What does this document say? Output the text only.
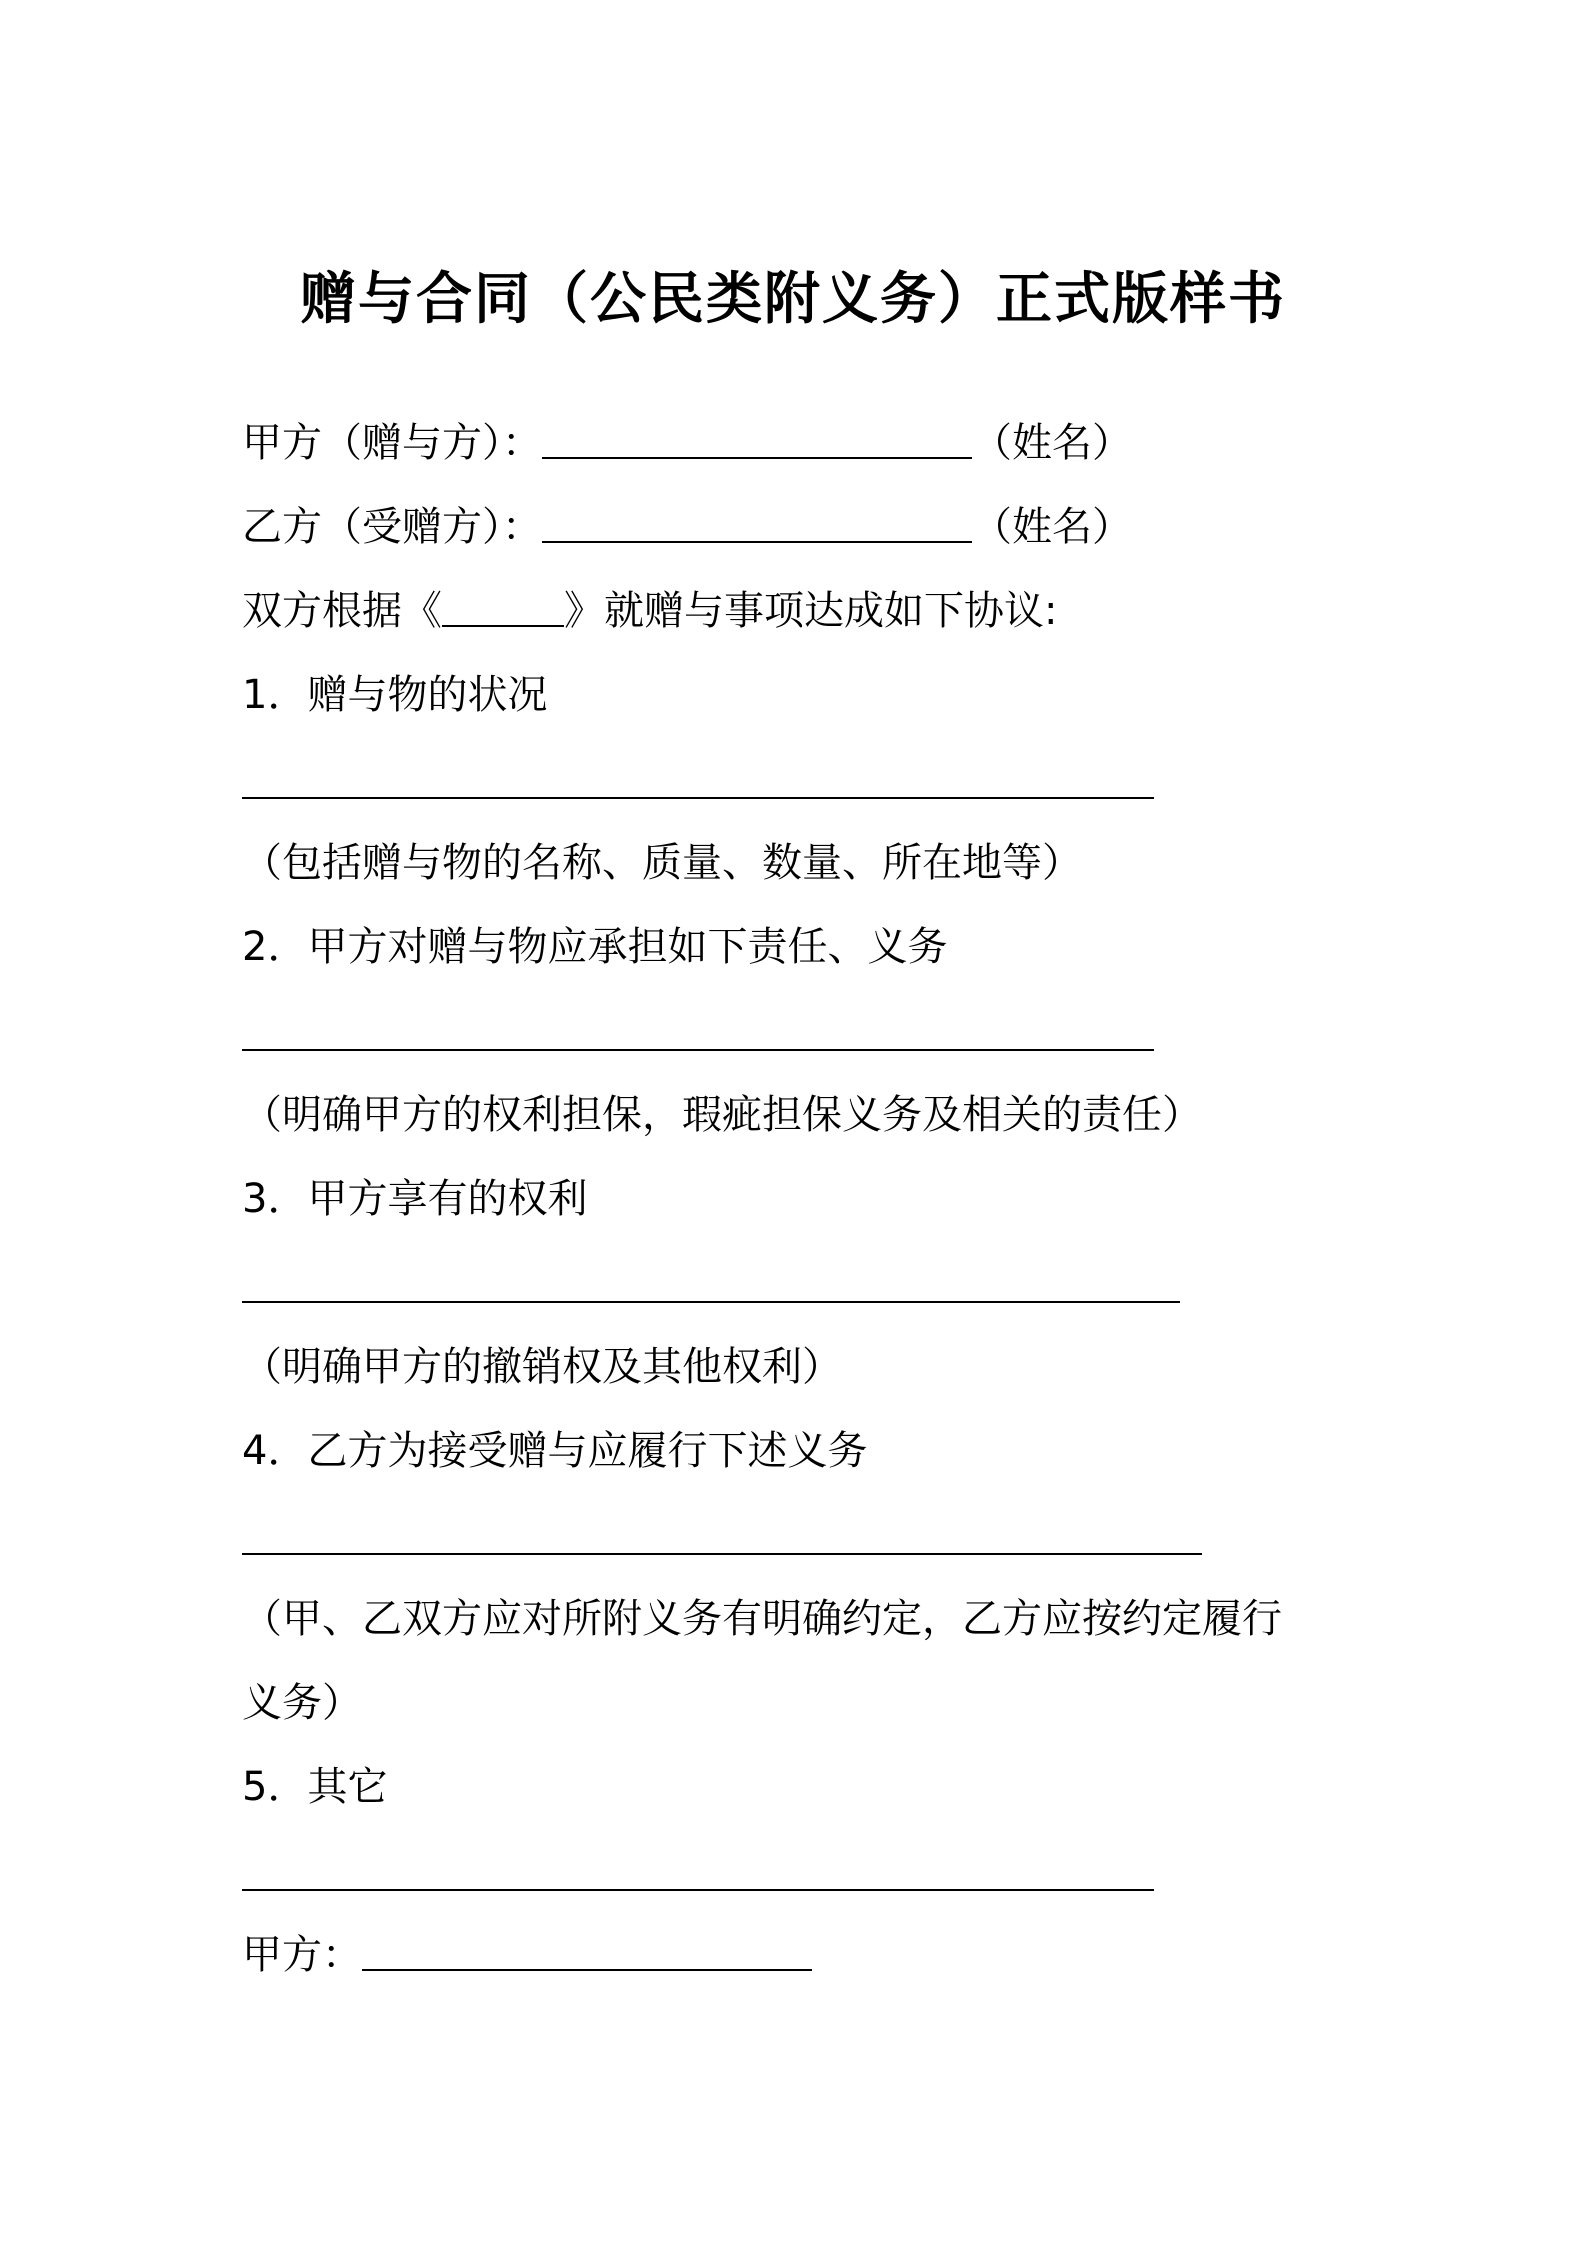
赠与合同（公民类附义务）正式版样书
甲方（赠与方）：	（姓名）
乙方（受赠方）：	（姓名）
双方根据《	》就赠与事项达成如下协议:
1．赠与物的状况
（包括赠与物的名称、质量、数量、所在地等）
2．甲方对赠与物应承担如下责任、义务
（明确甲方的权利担保，瑕疵担保义务及相关的责任）
3．甲方享有的权利
（明确甲方的撤销权及其他权利）
4．乙方为接受赠与应履行下述义务
（甲、乙双方应对所附义务有明确约定，乙方应按约定履行
义务）
5．其它
甲方：
